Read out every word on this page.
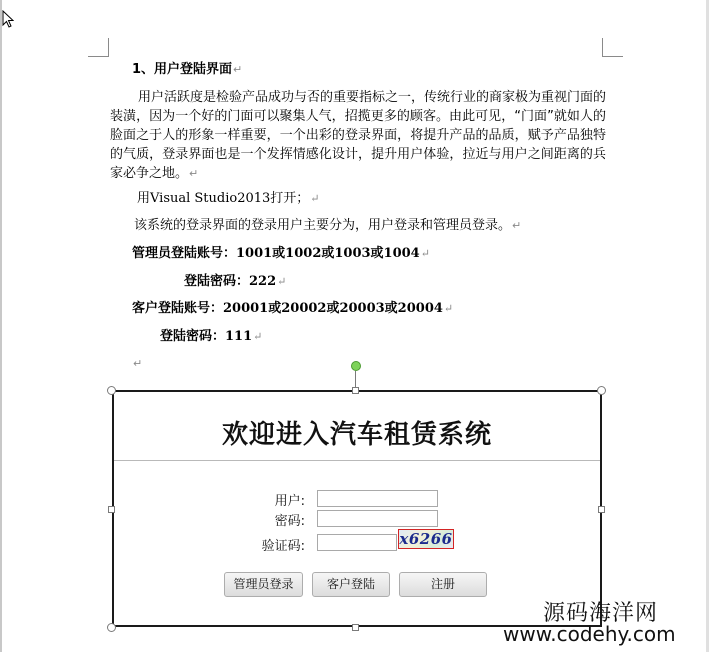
1、用户登陆界面↵
用户活跃度是检验产品成功与否的重要指标之一，传统行业的商家极为重视门面的装潢，因为一个好的门面可以聚集人气，招揽更多的顾客。由此可见，“门面”就如人的脸面之于人的形象一样重要，一个出彩的登录界面，将提升产品的品质，赋予产品独特的气质，登录界面也是一个发挥情感化设计，提升用户体验，拉近与用户之间距离的兵家必争之地。↵
用Visual Studio2013打开；↵
该系统的登录界面的登录用户主要分为，用户登录和管理员登录。↵
管理员登陆账号：1001或1002或1003或1004↵
登陆密码：222↵
客户登陆账号：20001或20002或20003或20004↵
登陆密码：111↵
↵
欢迎进入汽车租赁系统
用户:
密码:
验证码:	x6266
管理员登录	客户登陆	注册
源码海洋网
www.codehy.com
